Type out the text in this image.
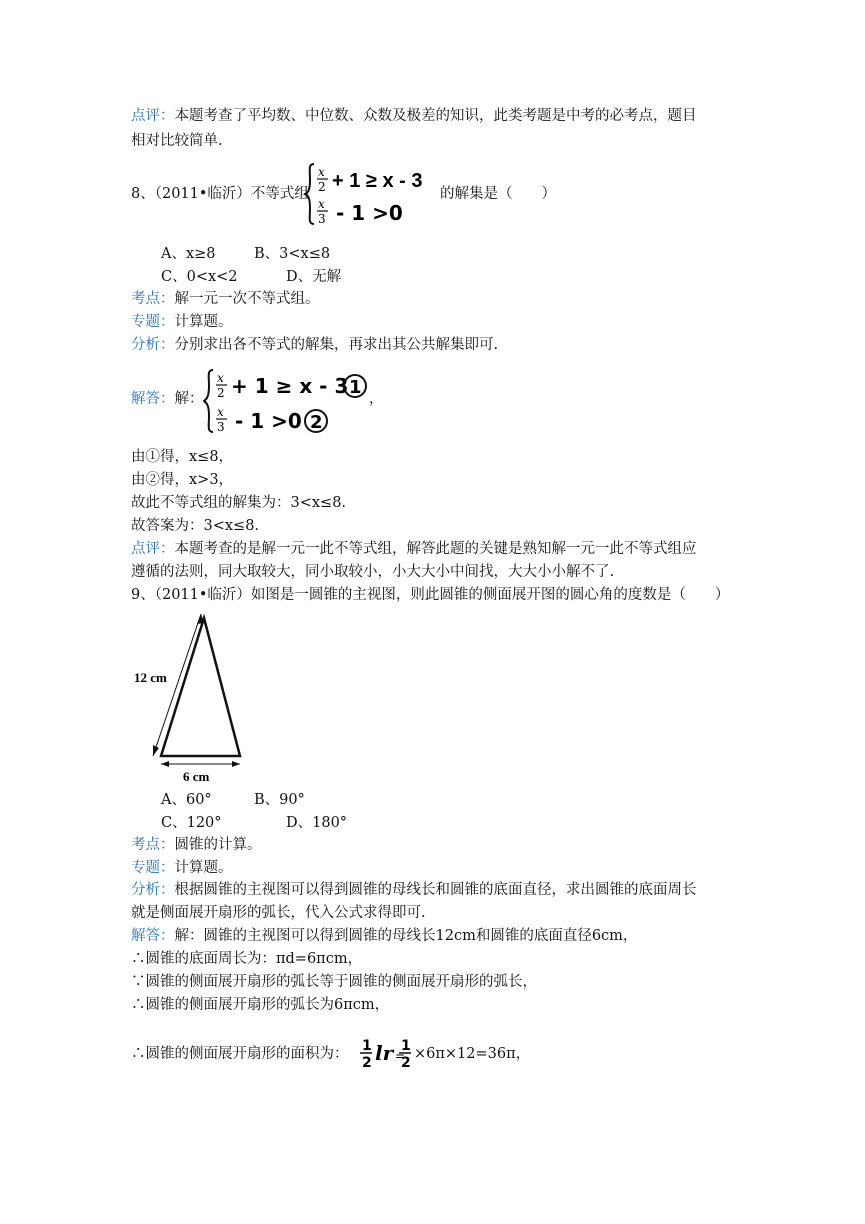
点评：本题考查了平均数、中位数、众数及极差的知识，此类考题是中考的必考点，题目
相对比较简单.
8、（2011•临沂）不等式组
x
2 + 1 ≥ x - 3
x
3 - 1 >0
的解集是（　　）
A、x≥8	B、3<x≤8
C、0<x<2	D、无解
考点：解一元一次不等式组。
专题：计算题。
分析：分别求出各不等式的解集，再求出其公共解集即可.
解答：解：
x
2 + 1 ≥ x - 3 1
x
3 - 1 >0 2
，
由①得，x≤8，
由②得，x>3，
故此不等式组的解集为：3<x≤8.
故答案为：3<x≤8.
点评：本题考查的是解一元一此不等式组，解答此题的关键是熟知解一元一此不等式组应
遵循的法则，同大取较大，同小取较小，小大大小中间找，大大小小解不了.
9、（2011•临沂）如图是一圆锥的主视图，则此圆锥的侧面展开图的圆心角的度数是（　　）
12 cm
6 cm
A、60°	B、90°
C、120°	D、180°
考点：圆锥的计算。
专题：计算题。
分析：根据圆锥的主视图可以得到圆锥的母线长和圆锥的底面直径，求出圆锥的底面周长
就是侧面展开扇形的弧长，代入公式求得即可.
解答：解：圆锥的主视图可以得到圆锥的母线长12cm和圆锥的底面直径6cm，
∴圆锥的底面周长为：πd=6πcm，
∵圆锥的侧面展开扇形的弧长等于圆锥的侧面展开扇形的弧长，
∴圆锥的侧面展开扇形的弧长为6πcm，
∴圆锥的侧面展开扇形的面积为： 1
2 lr =
1
2
×6π×12=36π，
